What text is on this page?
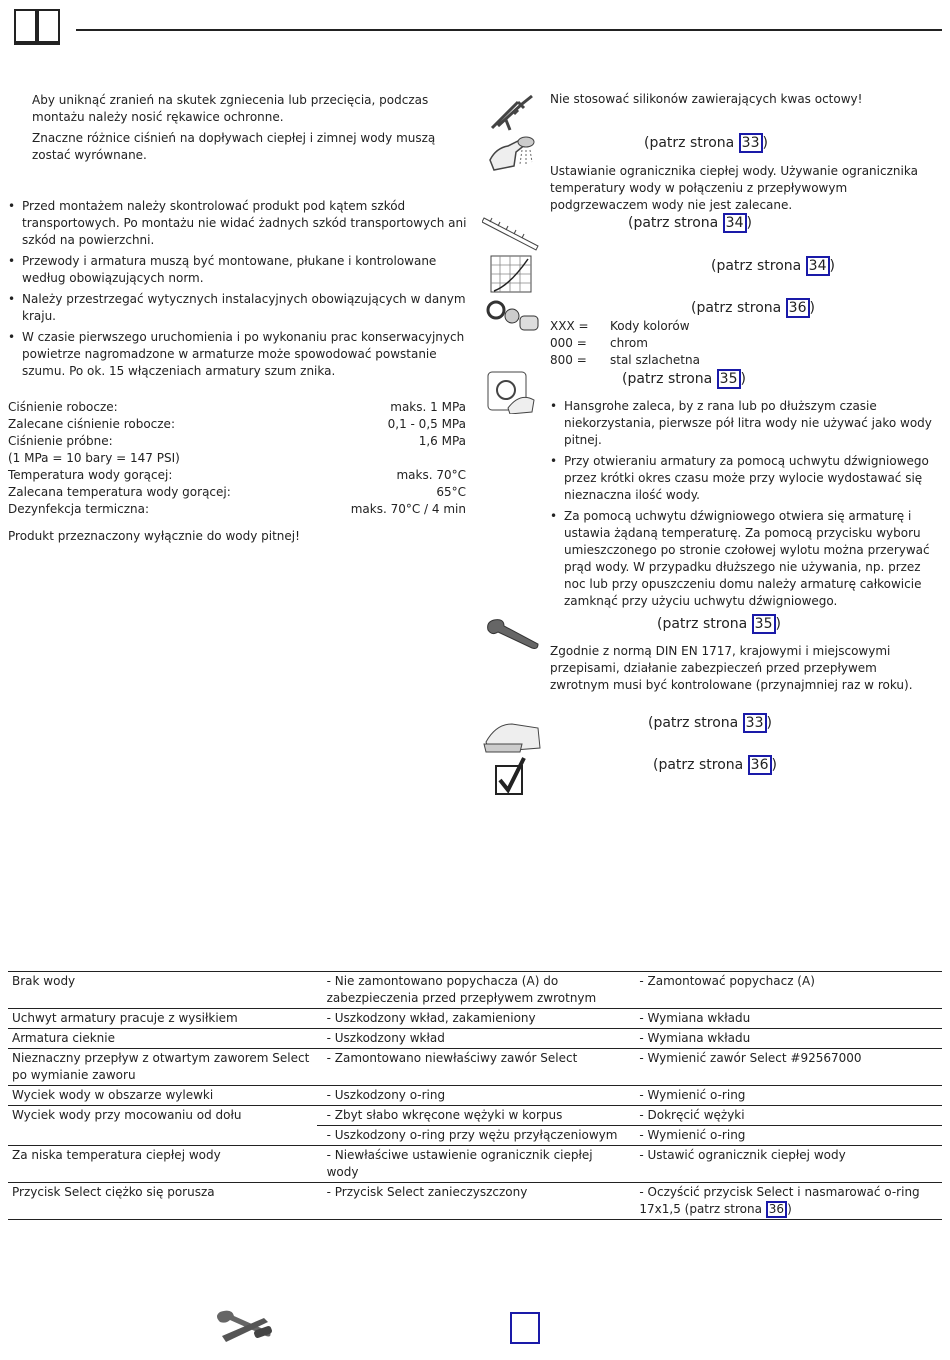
Aby uniknąć zranień na skutek zgniecenia lub przecięcia, podczas montażu należy nosić rękawice ochronne.

Znaczne różnice ciśnień na dopływach ciepłej i zimnej wody muszą zostać wyrównane.

• Przed montażem należy skontrolować produkt pod kątem szkód transportowych. Po montażu nie widać żadnych szkód transportowych ani szkód na powierzchni.
• Przewody i armatura muszą być montowane, płukane i kontrolowane według obowiązujących norm.
• Należy przestrzegać wytycznych instalacyjnych obowiązujących w danym kraju.
• W czasie pierwszego uruchomienia i po wykonaniu prac konserwacyjnych powietrze nagromadzone w armaturze może spowodować powstanie szumu. Po ok. 15 włączeniach armatury szum znika.
Ciśnienie robocze:	maks. 1 MPa
Zalecane ciśnienie robocze:	0,1 - 0,5 MPa
Ciśnienie próbne:	1,6 MPa
(1 MPa = 10 bary = 147 PSI)
Temperatura wody gorącej:	maks. 70°C
Zalecana temperatura wody gorącej:	65°C
Dezynfekcja termiczna:	maks. 70°C / 4 min

Produkt przeznaczony wyłącznie do wody pitnej!

Nie stosować silikonów zawierających kwas octowy!

(patrz strona 33 )

Ustawianie ogranicznika ciepłej wody. Używanie ogranicznika temperatury wody w połączeniu z przepływowym podgrzewaczem wody nie jest zalecane.

(patrz strona 34 )
(patrz strona 34 )
(patrz strona 36 )
XXX =	Kody kolorów
000 =	chrom
800 =	stal szlachetna
(patrz strona 35 )
• Hansgrohe zaleca, by z rana lub po dłuższym czasie niekorzystania, pierwsze pół litra wody nie używać jako wody pitnej.
• Przy otwieraniu armatury za pomocą uchwytu dźwigniowego przez krótki okres czasu może przy wylocie wydostawać się nieznaczna ilość wody.
• Za pomocą uchwytu dźwigniowego otwiera się armaturę i ustawia żądaną temperaturę. Za pomocą przycisku wyboru umieszczonego po stronie czołowej wylotu można przerywać prąd wody. W przypadku dłuższego nie używania, np. przez noc lub przy opuszczeniu domu należy armaturę całkowicie zamknąć przy użyciu uchwytu dźwigniowego.
(patrz strona 35 )

Zgodnie z normą DIN EN 1717, krajowymi i miejscowymi przepisami, działanie zabezpieczeń przed przepływem zwrotnym musi być kontrolowane (przynajmniej raz w roku).

(patrz strona 33 )
(patrz strona 36 )
Brak wody	- Nie zamontowano popychacza (A) do zabezpieczenia przed przepływem zwrotnym	- Zamontować popychacz (A)
Uchwyt armatury pracuje z wysiłkiem	- Uszkodzony wkład, zakamieniony	- Wymiana wkładu
Armatura cieknie	- Uszkodzony wkład	- Wymiana wkładu
Nieznaczny przepływ z otwartym zaworem Select po wymianie zaworu	- Zamontowano niewłaściwy zawór Select	- Wymienić zawór Select #92567000
Wyciek wody w obszarze wylewki	- Uszkodzony o-ring	- Wymienić o-ring
Wyciek wody przy mocowaniu od dołu	- Zbyt słabo wkręcone wężyki w korpus	- Dokręcić wężyki
	- Uszkodzony o-ring przy wężu przyłączeniowym	- Wymienić o-ring
Za niska temperatura ciepłej wody	- Niewłaściwe ustawienie ogranicznik ciepłej wody	- Ustawić ogranicznik ciepłej wody
Przycisk Select ciężko się porusza	- Przycisk Select zanieczyszczony	- Oczyścić przycisk Select i nasmarować o-ring 17x1,5 (patrz strona 36 )
